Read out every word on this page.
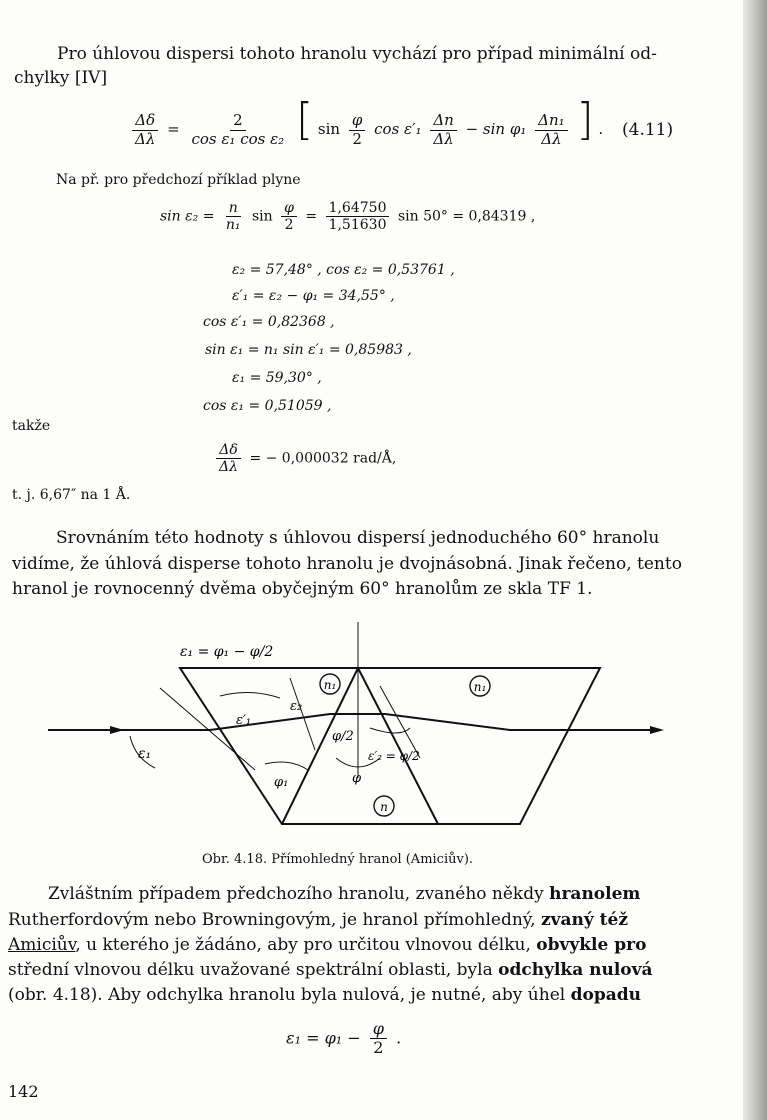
Pro úhlovou dispersi tohoto hranolu vychází pro případ minimální od-
chylky [IV]
$\frac{\Delta\delta}{\Delta\lambda} = \frac{2}{\text{cos ε₁ cos ε₂}}$ [ $\sin \frac{\varphi}{2}$ $\cos \varepsilon'_1 \frac{\Delta n}{\Delta\lambda} - \sin \varphi_1 \frac{\text{Δn₁}}{\Delta\lambda}$ ] . (4.11)
Na př. pro předchozí příklad plyne
$\sin \varepsilon_2 = \frac{n}{\text{n₁}}$ $\sin \frac{\varphi}{2} = \frac{1,64750}{1,51630}$ sin 50° = 0,84319 ,
ε₂ = 57,48° , cos ε₂ = 0,53761 ,
ε′₁ = ε₂ − φ₁ = 34,55° ,
cos ε′₁ = 0,82368 ,
sin ε₁ = n₁ sin ε′₁ = 0,85983 ,
ε₁ = 59,30° ,
cos ε₁ = 0,51059 ,
takže
$\frac{\Delta\delta}{\Delta\lambda}$ = − 0,000032 rad/Å,
t. j. 6,67″ na 1 Å.
Srovnáním této hodnoty s úhlovou dispersí jednoduchého 60° hranolu
vidíme, že úhlová disperse tohoto hranolu je dvojnásobná. Jinak řečeno, tento
hranol je rovnocenný dvěma obyčejným 60° hranolům ze skla TF 1.
n₁	n₁
n
ε₁ = φ₁ − φ/2
ε₁
ε′₁
ε₂
φ₁
φ/2
φ
ε′₂ = φ/2
Obr. 4.18. Přímohledný hranol (Amiciův).
Zvláštním případem předchozího hranolu, zvaného někdy hranolem
Rutherfordovým nebo Browningovým, je hranol přímohledný, zvaný též
Amiciův, u kterého je žádáno, aby pro určitou vlnovou délku, obvykle pro
střední vlnovou délku uvažované spektrální oblasti, byla odchylka nulová
(obr. 4.18). Aby odchylka hranolu byla nulová, je nutné, aby úhel dopadu
$\varepsilon_1 = \varphi_1 - \frac{\varphi}{2}$ .
142
